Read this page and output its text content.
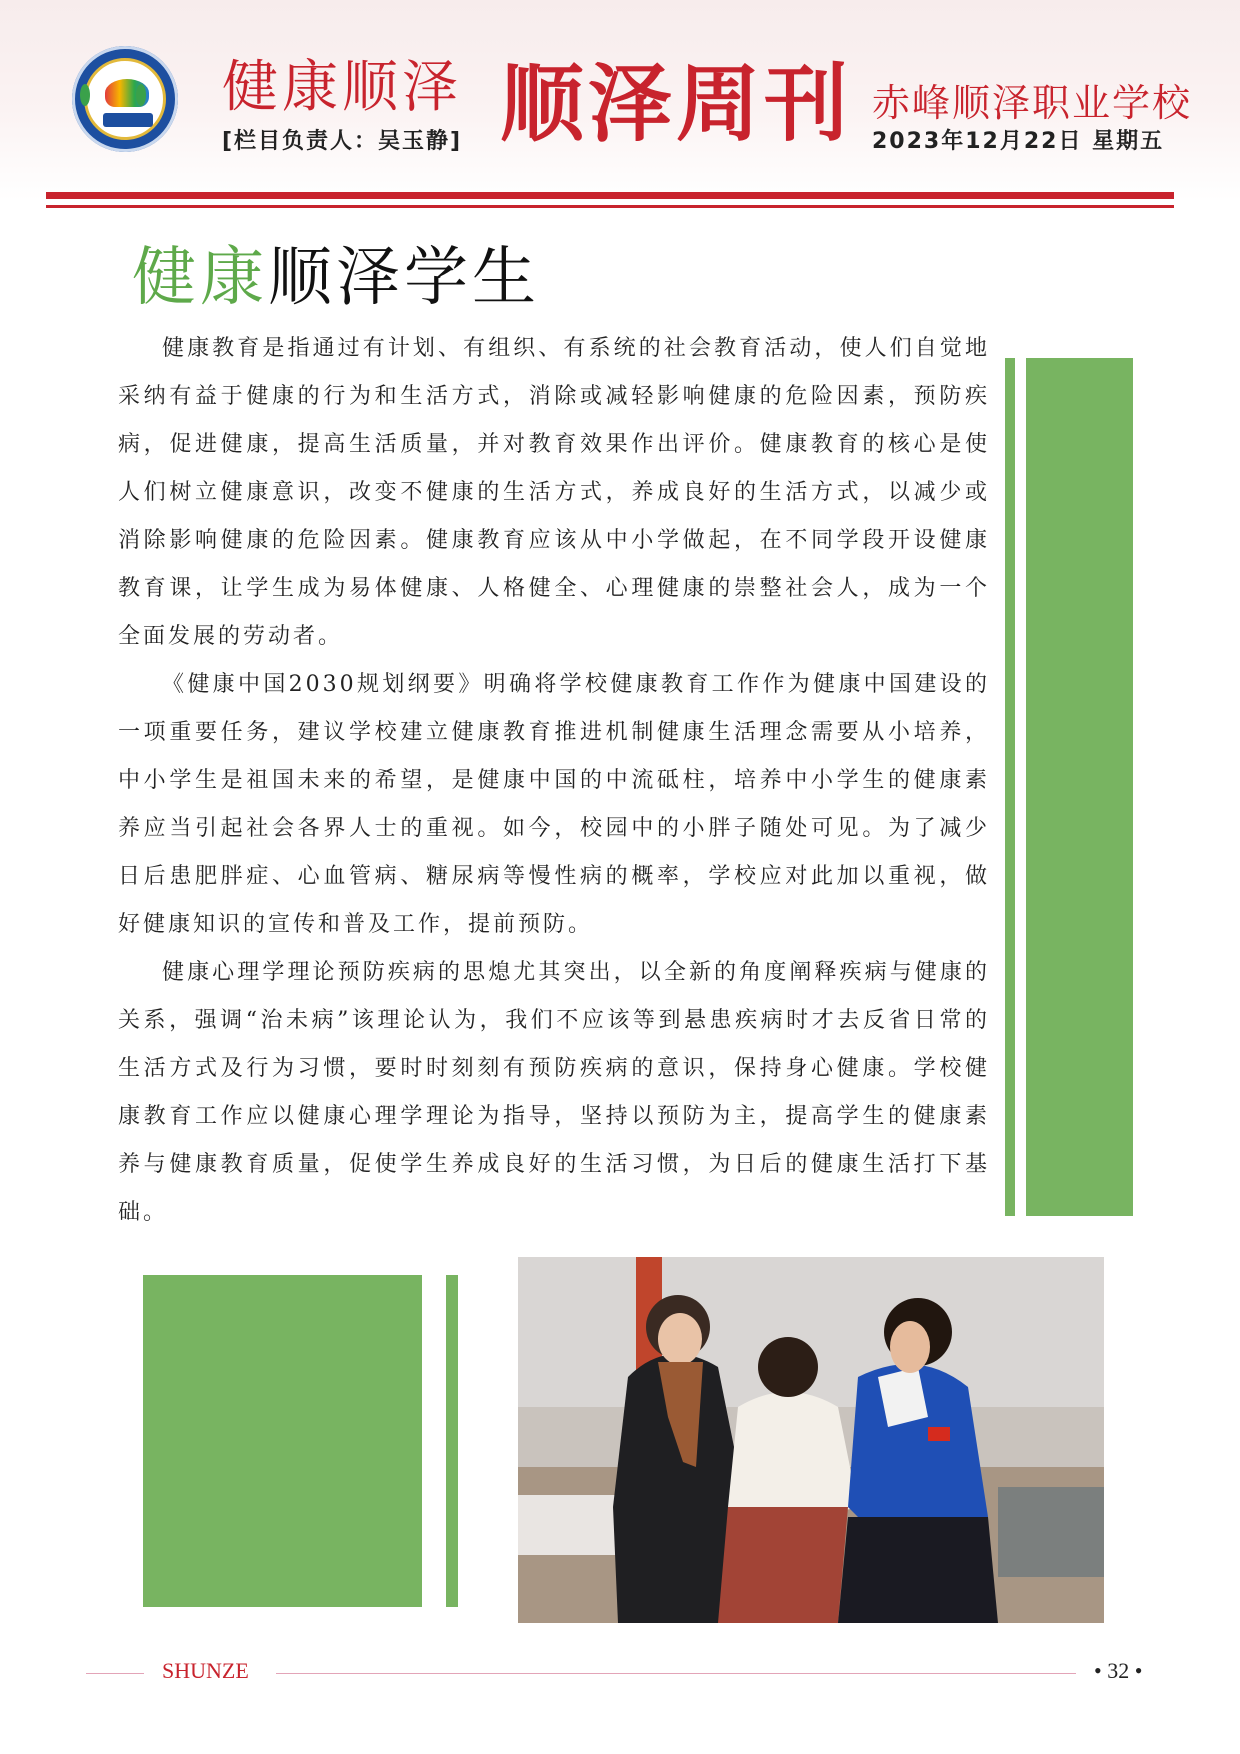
健康顺泽
[栏目负责人：吴玉静] 顺泽周刊 赤峰顺泽职业学校
2023年12月22日 星期五
健康顺泽学生

健康教育是指通过有计划、有组织、有系统的社会教育活动，使人们自觉地采纳有益于健康的行为和生活方式，消除或减轻影响健康的危险因素，预防疾病，促进健康，提高生活质量，并对教育效果作出评价。健康教育的核心是使人们树立健康意识，改变不健康的生活方式，养成良好的生活方式，以减少或消除影响健康的危险因素。健康教育应该从中小学做起，在不同学段开设健康教育课，让学生成为易体健康、人格健全、心理健康的崇整社会人，成为一个全面发展的劳动者。

《健康中国2030规划纲要》明确将学校健康教育工作作为健康中国建设的一项重要任务，建议学校建立健康教育推进机制健康生活理念需要从小培养，中小学生是祖国未来的希望，是健康中国的中流砥柱，培养中小学生的健康素养应当引起社会各界人士的重视。如今，校园中的小胖子随处可见。为了减少日后患肥胖症、心血管病、糖尿病等慢性病的概率，学校应对此加以重视，做好健康知识的宣传和普及工作，提前预防。

健康心理学理论预防疾病的思熄尤其突出，以全新的角度阐释疾病与健康的关系，强调“治未病”该理论认为，我们不应该等到悬患疾病时才去反省日常的生活方式及行为习惯，要时时刻刻有预防疾病的意识，保持身心健康。学校健康教育工作应以健康心理学理论为指导，坚持以预防为主，提高学生的健康素养与健康教育质量，促使学生养成良好的生活习惯，为日后的健康生活打下基础。

SHUNZE	• 32 •
